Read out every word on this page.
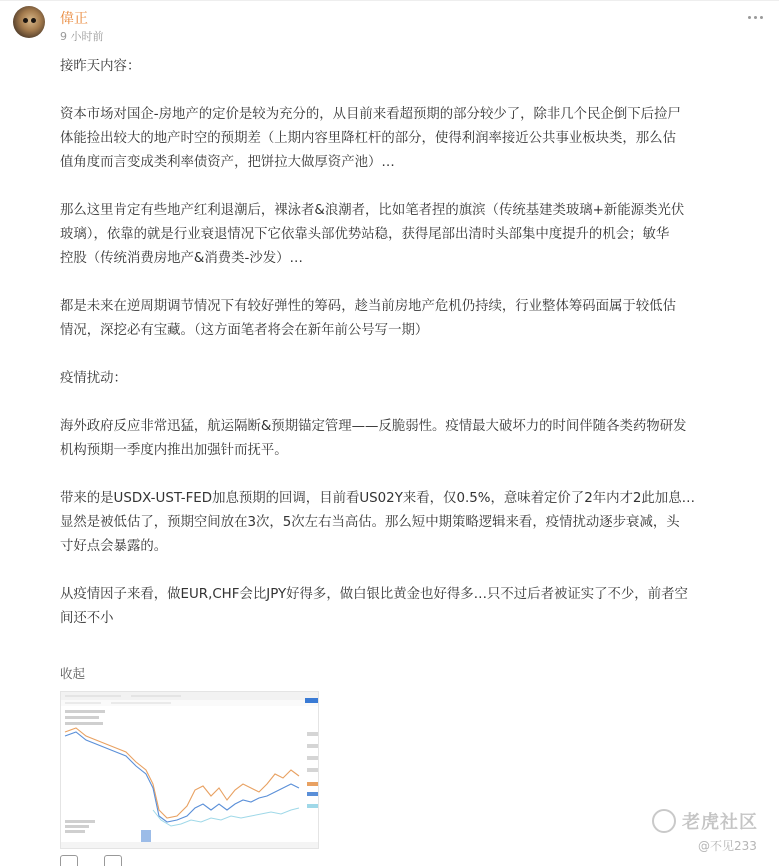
偉正
9 小时前

接昨天内容：

资本市场对国企-房地产的定价是较为充分的，从目前来看超预期的部分较少了，除非几个民企倒下后捡尸

体能捡出较大的地产时空的预期差（上期内容里降杠杆的部分，使得利润率接近公共事业板块类，那么估

值角度而言变成类利率债资产，把饼拉大做厚资产池）…

那么这里肯定有些地产红利退潮后，裸泳者&浪潮者，比如笔者捏的旗滨（传统基建类玻璃+新能源类光伏

玻璃），依靠的就是行业衰退情况下它依靠头部优势站稳，获得尾部出清时头部集中度提升的机会；敏华

控股（传统消费房地产&消费类-沙发）…

都是未来在逆周期调节情况下有较好弹性的筹码，趁当前房地产危机仍持续，行业整体筹码面属于较低估

情况，深挖必有宝藏。（这方面笔者将会在新年前公号写一期）

疫情扰动：

海外政府反应非常迅猛，航运隔断&预期锚定管理——反脆弱性。疫情最大破坏力的时间伴随各类药物研发

机构预期一季度内推出加强针而抚平。

带来的是USDX-UST-FED加息预期的回调，目前看US02Y来看，仅0.5%，意味着定价了2年内才2此加息…

显然是被低估了，预期空间放在3次，5次左右当高估。那么短中期策略逻辑来看，疫情扰动逐步衰减，头

寸好点会暴露的。

从疫情因子来看，做EUR,CHF会比JPY好得多，做白银比黄金也好得多…只不过后者被证实了不少，前者空

间还不小

收起
老虎社区
@不见233
